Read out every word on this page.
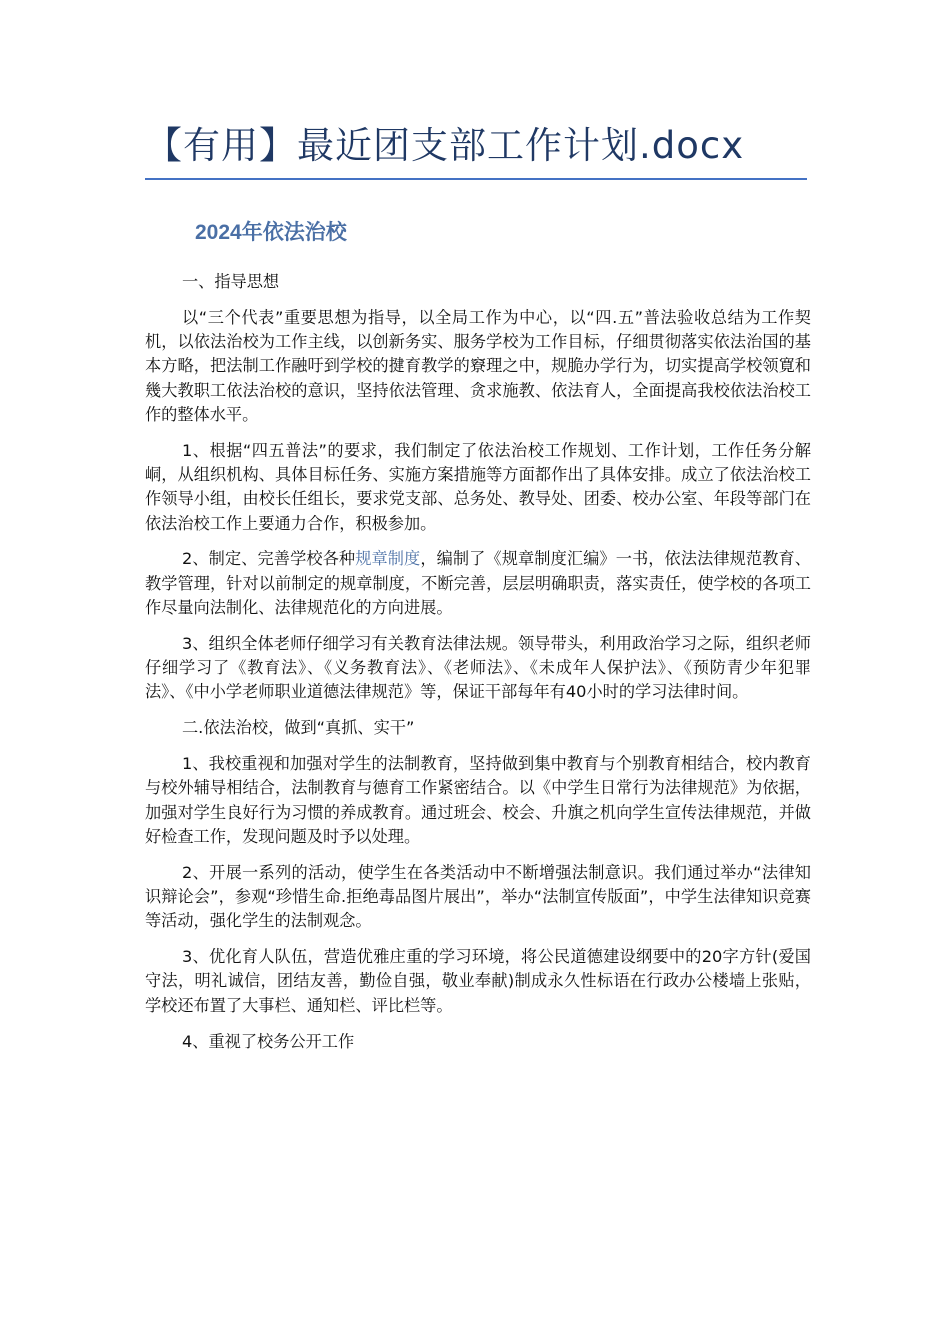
【有用】最近团支部工作计划.docx
2024年依法治校

一、指导思想

以“三个代表”重要思想为指导，以全局工作为中心，以“四.五”普法验收总结为工作契机，以依法治校为工作主线，以创新务实、服务学校为工作目标，仔细贯彻落实依法治国的基本方略，把法制工作融吁到学校的揵育教学的竂理之中，规脆办学行为，切实提高学校领寛和幾大教职工依法治校的意识，坚持依法管理、贪求施教、依法育人，全面提高我校依法治校工作的整体水平。

1、根据“四五普法”的要求，我们制定了依法治校工作规划、工作计划，工作任务分解峒，从组织机构、具体目标任务、实施方案措施等方面都作出了具体安排。成立了依法治校工作领导小组，由校长任组长，要求党支部、总务处、教导处、团委、校办公室、年段等部门在依法治校工作上要通力合作，积极参加。

2、制定、完善学校各种规章制度，编制了《规章制度汇编》一书，依法法律规范教育、教学管理，针对以前制定的规章制度，不断完善，层层明确职责，落实责任，使学校的各项工作尽量向法制化、法律规范化的方向进展。

3、组织全体老师仔细学习有关教育法律法规。领导带头，利用政治学习之际，组织老师仔细学习了《教育法》、《义务教育法》、《老师法》、《未成年人保护法》、《预防青少年犯罪法》、《中小学老师职业道德法律规范》等，保证干部每年有40小时的学习法律时间。

二.依法治校，做到“真抓、实干”

1、我校重视和加强对学生的法制教育，坚持做到集中教育与个别教育相结合，校内教育与校外辅导相结合，法制教育与德育工作紧密结合。以《中学生日常行为法律规范》为依据，加强对学生良好行为习惯的养成教育。通过班会、校会、升旗之机向学生宣传法律规范，并做好检查工作，发现问题及时予以处理。

2、开展一系列的活动，使学生在各类活动中不断增强法制意识。我们通过举办“法律知识辩论会”，参观“珍惜生命.拒绝毒品图片展出”，举办“法制宣传版面”，中学生法律知识竞赛等活动，强化学生的法制观念。

3、优化育人队伍，营造优雅庄重的学习环境，将公民道德建设纲要中的20字方针(爱国守法，明礼诚信，团结友善，勤俭自强，敬业奉献)制成永久性标语在行政办公楼墙上张贴，学校还布置了大事栏、通知栏、评比栏等。

4、重视了校务公开工作
